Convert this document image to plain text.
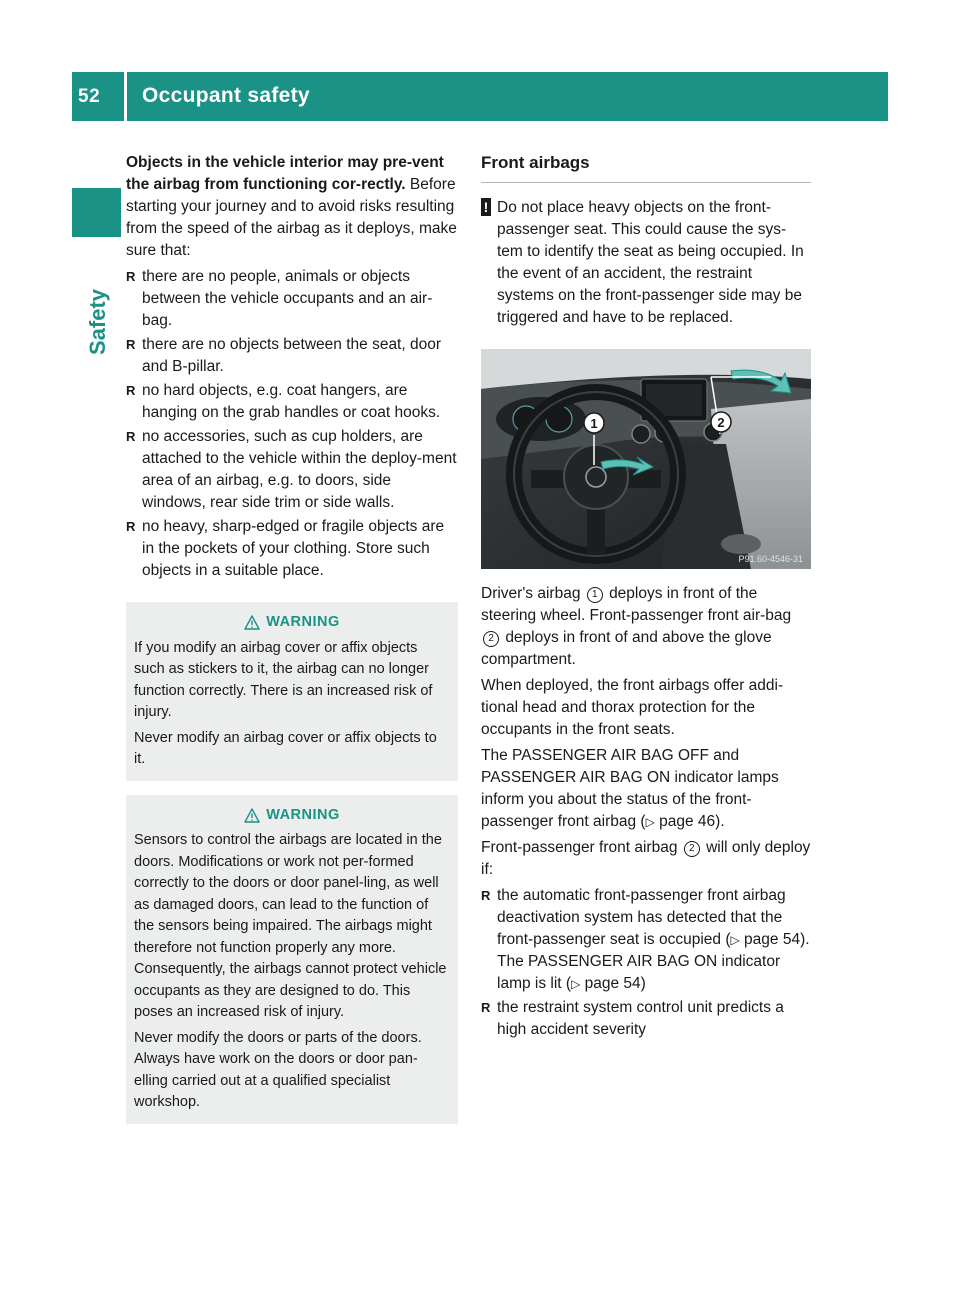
52	Occupant safety
Safety

Objects in the vehicle interior may pre-vent the airbag from functioning cor-rectly. Before starting your journey and to avoid risks resulting from the speed of the airbag as it deploys, make sure that:

R there are no people, animals or objects between the vehicle occupants and an air-bag.
R there are no objects between the seat, door and B-pillar.
R no hard objects, e.g. coat hangers, are hanging on the grab handles or coat hooks.
R no accessories, such as cup holders, are attached to the vehicle within the deploy-ment area of an airbag, e.g. to doors, side windows, rear side trim or side walls.
R no heavy, sharp-edged or fragile objects are in the pockets of your clothing. Store such objects in a suitable place.
WARNING

If you modify an airbag cover or affix objects such as stickers to it, the airbag can no longer function correctly. There is an increased risk of injury.

Never modify an airbag cover or affix objects to it.

WARNING

Sensors to control the airbags are located in the doors. Modifications or work not per-formed correctly to the doors or door panel-ling, as well as damaged doors, can lead to the function of the sensors being impaired. The airbags might therefore not function properly any more. Consequently, the airbags cannot protect vehicle occupants as they are designed to do. This poses an increased risk of injury.

Never modify the doors or parts of the doors. Always have work on the doors or door pan-elling carried out at a qualified specialist workshop.

Front airbags
! Do not place heavy objects on the front-passenger seat. This could cause the sys-tem to identify the seat as being occupied. In the event of an accident, the restraint systems on the front-passenger side may be triggered and have to be replaced.
1	2
P91.60-4546-31

Driver's airbag 1 deploys in front of the steering wheel. Front-passenger front air-bag 2 deploys in front of and above the glove compartment.

When deployed, the front airbags offer addi-tional head and thorax protection for the occupants in the front seats.

The PASSENGER AIR BAG OFF and PASSENGER AIR BAG ON indicator lamps inform you about the status of the front-
passenger front airbag (▷ page 46).

Front-passenger front airbag 2 will only deploy if:

R the automatic front-passenger front airbag deactivation system has detected that the front-passenger seat is occupied (▷ page 54). The PASSENGER AIR BAG ON indicator lamp is lit (▷ page 54)
R the restraint system control unit predicts a high accident severity
